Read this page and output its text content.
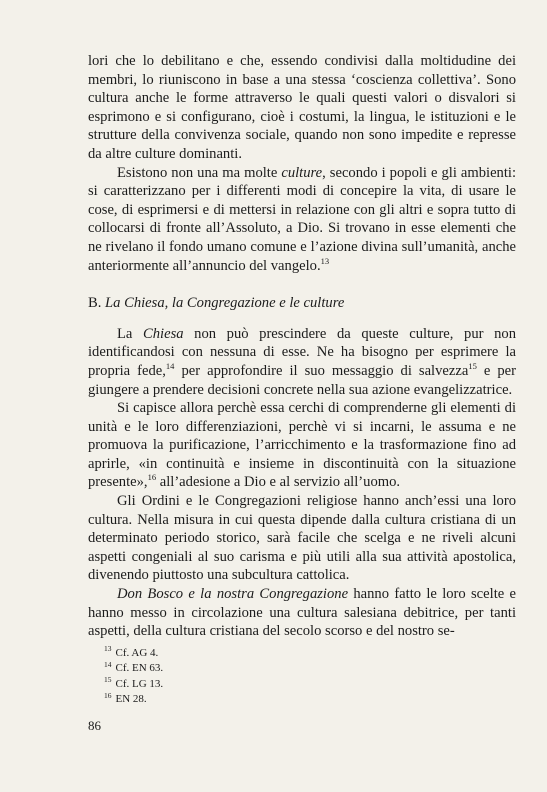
lori che lo debilitano e che, essendo condivisi dalla moltidudine dei membri, lo riuniscono in base a una stessa ‘coscienza collettiva’. Sono cultura anche le forme attraverso le quali questi valori o disvalori si esprimono e si configurano, cioè i costumi, la lingua, le istituzioni e le strutture della convivenza sociale, quando non sono impedite e represse da altre culture dominanti.

Esistono non una ma molte culture, secondo i popoli e gli ambienti: si caratterizzano per i differenti modi di concepire la vita, di usare le cose, di esprimersi e di mettersi in relazione con gli altri e sopra tutto di collocarsi di fronte all’Assoluto, a Dio. Si trovano in esse elementi che ne rivelano il fondo umano comune e l’azione divina sull’umanità, anche anteriormente all’annuncio del vangelo.$^{13}$

B. La Chiesa, la Congregazione e le culture

La Chiesa non può prescindere da queste culture, pur non identificandosi con nessuna di esse. Ne ha bisogno per esprimere la propria fede,$^{14}$ per approfondire il suo messaggio di salvezza$^{15}$ e per giungere a prendere decisioni concrete nella sua azione evangelizzatrice.

Si capisce allora perchè essa cerchi di comprenderne gli elementi di unità e le loro differenziazioni, perchè vi si incarni, le assuma e ne promuova la purificazione, l’arricchimento e la trasformazione fino ad aprirle, «in continuità e insieme in discontinuità con la situazione presente»,$^{16}$ all’adesione a Dio e al servizio all’uomo.

Gli Ordini e le Congregazioni religiose hanno anch’essi una loro cultura. Nella misura in cui questa dipende dalla cultura cristiana di un determinato periodo storico, sarà facile che scelga e ne riveli alcuni aspetti congeniali al suo carisma e più utili alla sua attività apostolica, divenendo piuttosto una subcultura cattolica.

Don Bosco e la nostra Congregazione hanno fatto le loro scelte e hanno messo in circolazione una cultura salesiana debitrice, per tanti aspetti, della cultura cristiana del secolo scorso e del nostro se-

$^{13}$ Cf. AG 4.
$^{14}$ Cf. EN 63.
$^{15}$ Cf. LG 13.
$^{16}$ EN 28.
86
